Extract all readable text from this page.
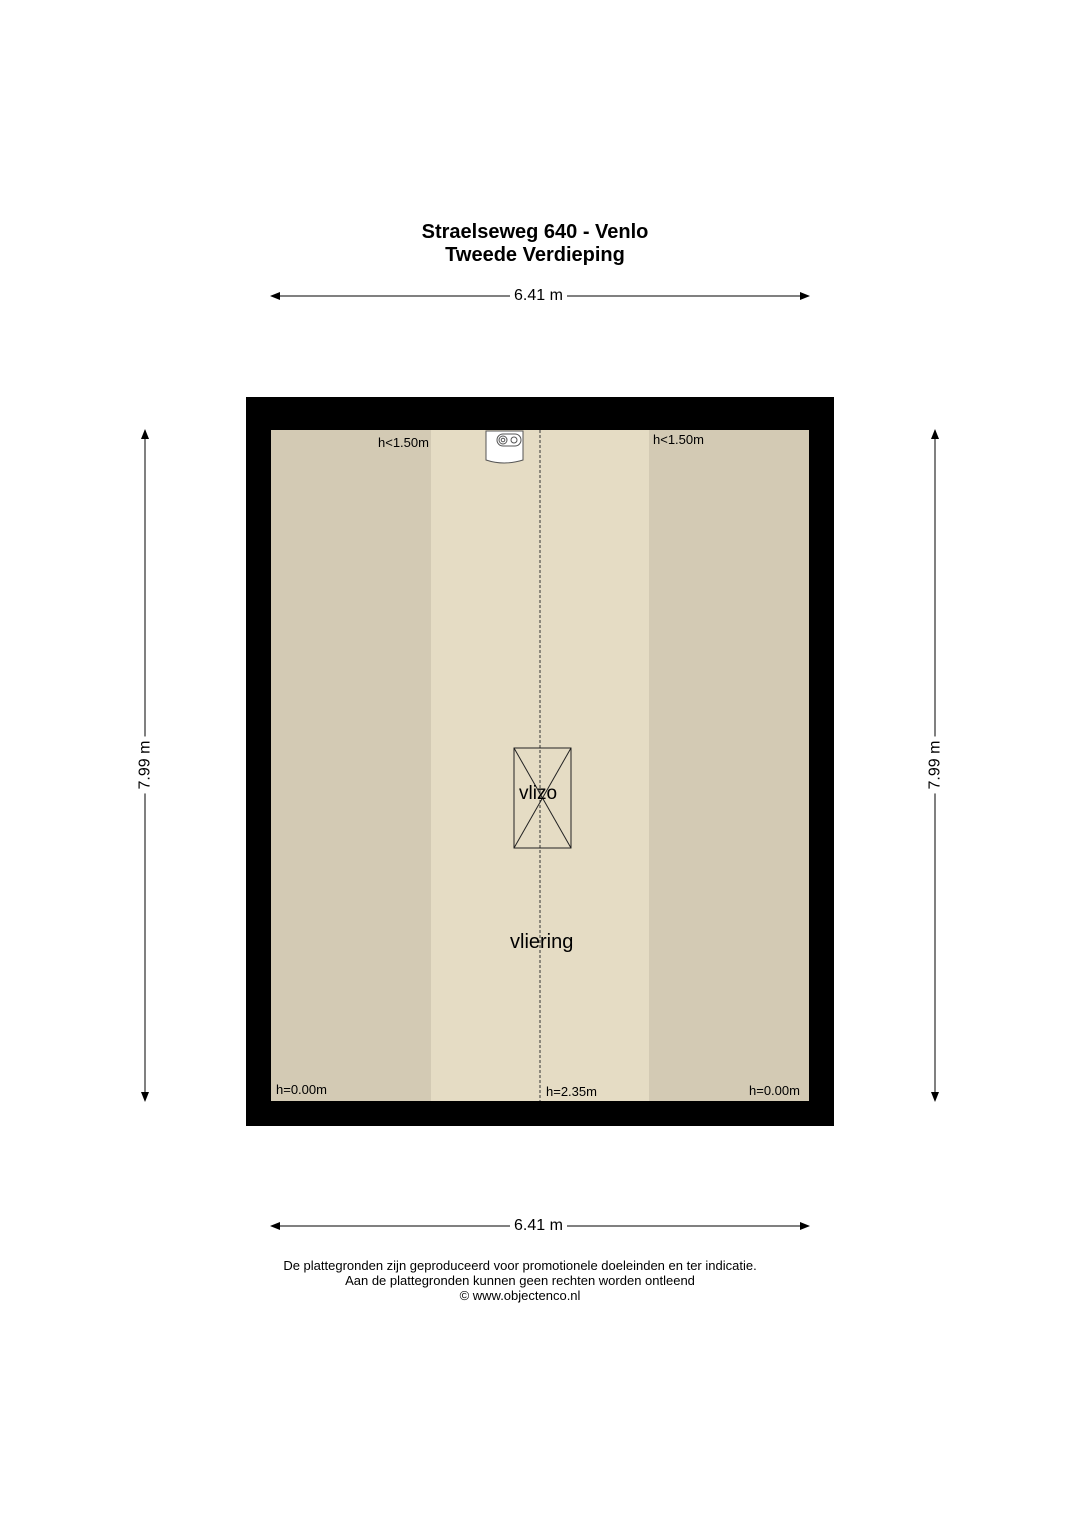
Straelseweg 640 - Venlo
Tweede Verdieping
6.41 m
6.41 m
7.99 m	7.99 m
h<1.50m	h<1.50m
h=0.00m	h=2.35m	h=0.00m
vlizo
vliering
De plattegronden zijn geproduceerd voor promotionele doeleinden en ter indicatie.
Aan de plattegronden kunnen geen rechten worden ontleend
© www.objectenco.nl
